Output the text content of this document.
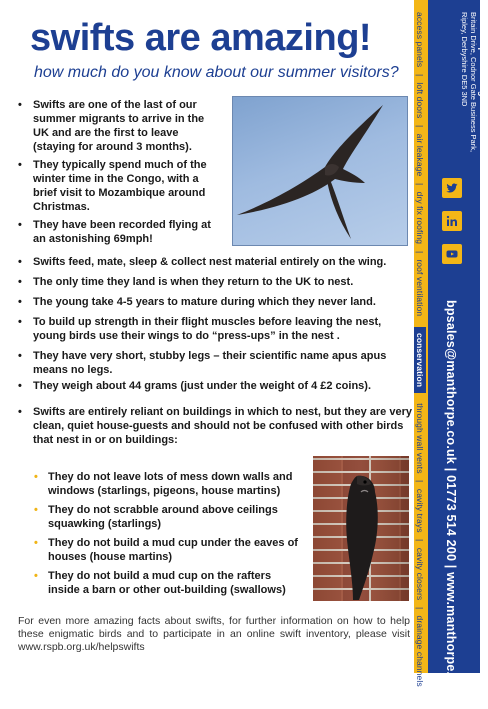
swifts are amazing!
how much do you know about our summer visitors?
• Swifts are one of the last of our summer migrants to arrive in the UK and are the first to leave (staying for around 3 months).
• They typically spend much of the winter time in the Congo, with a brief visit to Mozambique around Christmas.
• They have been recorded flying at an astonishing 69mph!
• Swifts feed, mate, sleep & collect nest material entirely on the wing.
• The only time they land is when they return to the UK to nest.
• The young take 4-5 years to mature during which they never land.
• To build up strength in their flight muscles before leaving the nest, young birds use their wings to do “press-ups” in the nest .
• They have very short, stubby legs – their scientific name apus apus means no legs.
• They weigh about 44 grams (just under the weight of 4 £2 coins).
• Swifts are entirely reliant on buildings in which to nest, but they are very clean, quiet house-guests and should not be confused with other birds that nest in or on buildings:
• They do not leave lots of mess down walls and windows (starlings, pigeons, house martins)
• They do not scrabble around above ceilings squawking (starlings)
• They do not build a mud cup under the eaves of houses (house martins)
• They do not build a mud cup on the rafters inside a barn or other out-building (swallows)
For even more amazing facts about swifts, for further information on how to help these enigmatic birds and to participate in an online swift inventory, please visit www.rspb.org.uk/helpswifts
access panels | loft doors | air leakage | dry fix roofing | roof ventilation conservation through wall vents | cavity trays | cavity closers | drainage channels
Manthorpe Building Products Ltd
Britain Drive, Codnor Gate Business Park,
Ripley, Derbyshire DE5 3ND
bpsales@manthorpe.co.uk | 01773 514 200 | www.manthorpe.co.uk
